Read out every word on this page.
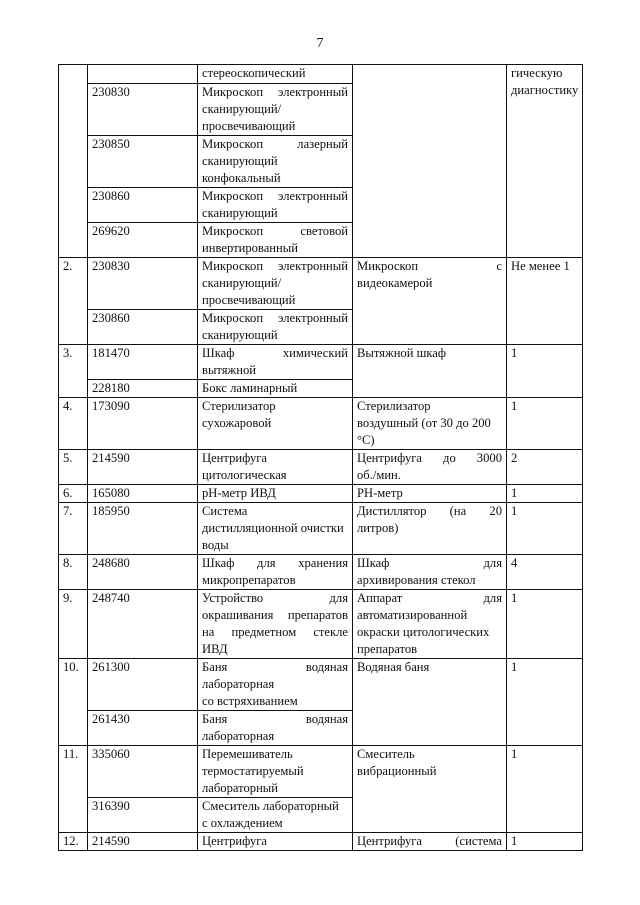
7

		стереоскопический		гическую
диагностику

	230830	Микроскоп электронный
сканирующий/
просвечивающий		

	230850	Микроскоп лазерный
сканирующий
конфокальный		

	230860	Микроскоп электронный
сканирующий		

	269620	Микроскоп световой
инвертированный		

2.	230830	Микроскоп электронный
сканирующий/
просвечивающий	Микроскоп с
видеокамерой	Не менее 1

	230860	Микроскоп электронный
сканирующий		

3.	181470	Шкаф химический
вытяжной	Вытяжной шкаф	1

	228180	Бокс ламинарный		

4.	173090	Стерилизатор
сухожаровой	Стерилизатор
воздушный (от 30 до 200
°С)	1

5.	214590	Центрифуга
цитологическая	Центрифуга до 3000
об./мин.	2

6.	165080	pH-метр ИВД	PH-метр	1

7.	185950	Система
дистилляционной очистки
воды	Дистиллятор (на 20
литров)	1

8.	248680	Шкаф для хранения
микропрепаратов	Шкаф для
архивирования стекол	4

9.	248740	Устройство для
окрашивания препаратов
на предметном стекле
ИВД	Аппарат для
автоматизированной
окраски цитологических
препаратов	1

10.	261300	Баня водяная
лабораторная
со встряхиванием	Водяная баня	1

	261430	Баня водяная
лабораторная		

11.	335060	Перемешиватель
термостатируемый
лабораторный	Смеситель
вибрационный	1

	316390	Смеситель лабораторный
с охлаждением		

12.	214590	Центрифуга	Центрифуга (система	1
